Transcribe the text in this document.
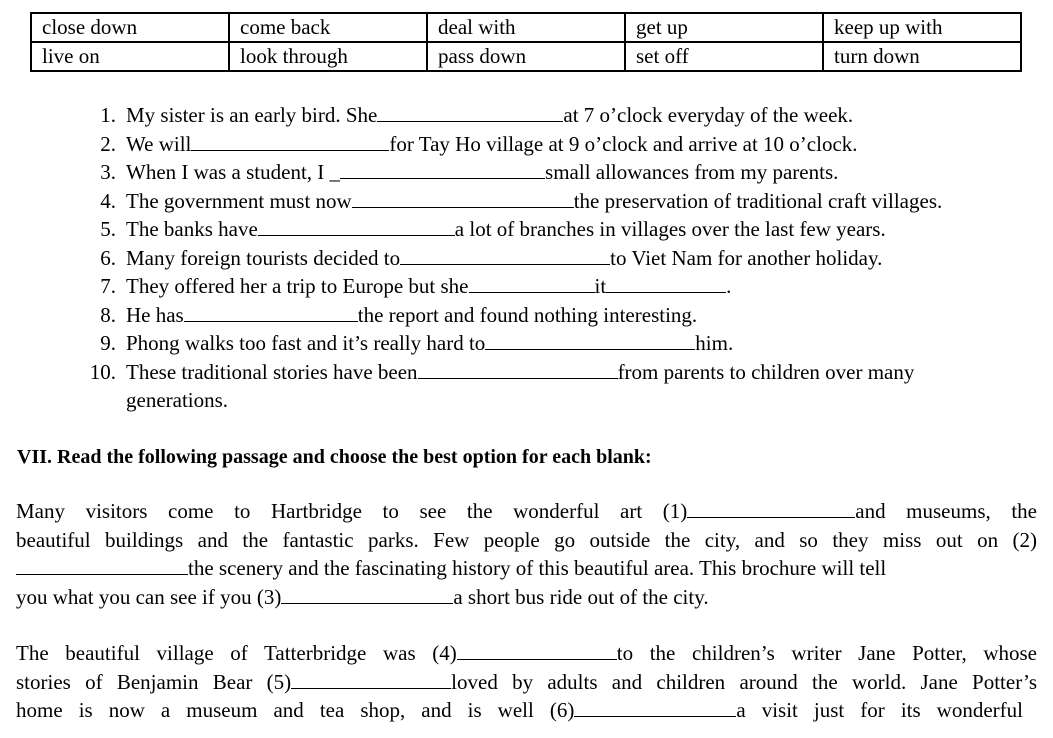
close down	come back	deal with	get up	keep up with
live on	look through	pass down	set off	turn down
1. My sister is an early bird. She	at 7 o’clock everyday of the week.
2. We will	for Tay Ho village at 9 o’clock and arrive at 10 o’clock.
3. When I was a student, I _	small allowances from my parents.
4. The government must now	the preservation of traditional craft villages.
5. The banks have	a lot of branches in villages over the last few years.
6. Many foreign tourists decided to	to Viet Nam for another holiday.
7. They offered her a trip to Europe but she	it	.
8. He has	the report and found nothing interesting.
9. Phong walks too fast and it’s really hard to	him.
10. These traditional stories have been	from parents to children over many
generations.
VII. Read the following passage and choose the best option for each blank:
Many visitors come to Hartbridge to see the wonderful art (1)	and museums, the
beautiful buildings and the fantastic parks. Few people go outside the city, and so they miss out on (2)
the scenery and the fascinating history of this beautiful area. This brochure will tell
you what you can see if you (3)	a short bus ride out of the city.
The beautiful village of Tatterbridge was (4)	to the children’s writer Jane Potter, whose
stories of Benjamin Bear (5)	loved by adults and children around the world. Jane Potter’s
home is now a museum and tea shop, and is well (6)	a visit just for its wonderful
